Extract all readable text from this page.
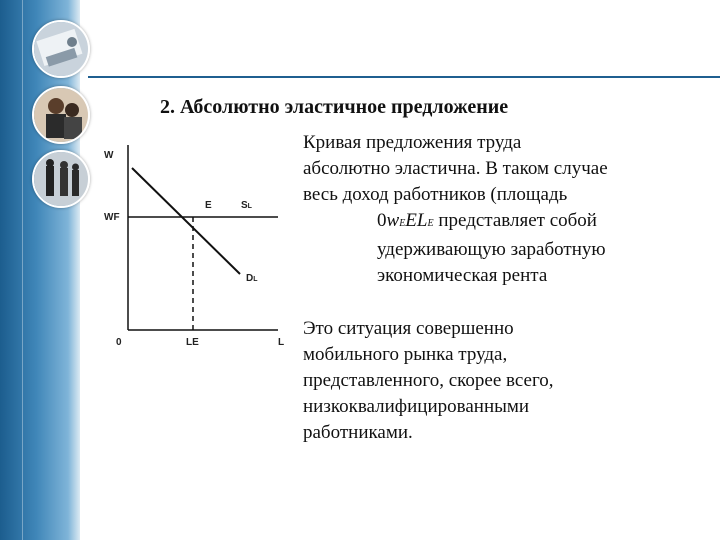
2. Абсолютно эластичное предложение
W
WF
0	LE	L
E	SL
DL
Кривая предложения труда
абсолютно эластична. В таком случае
весь доход работников (площадь
0wEELE представляет собой
удерживающую заработную
экономическая рента
Это ситуация совершенно
мобильного рынка труда,
представленного, скорее всего,
низкоквалифицированными
работниками.
